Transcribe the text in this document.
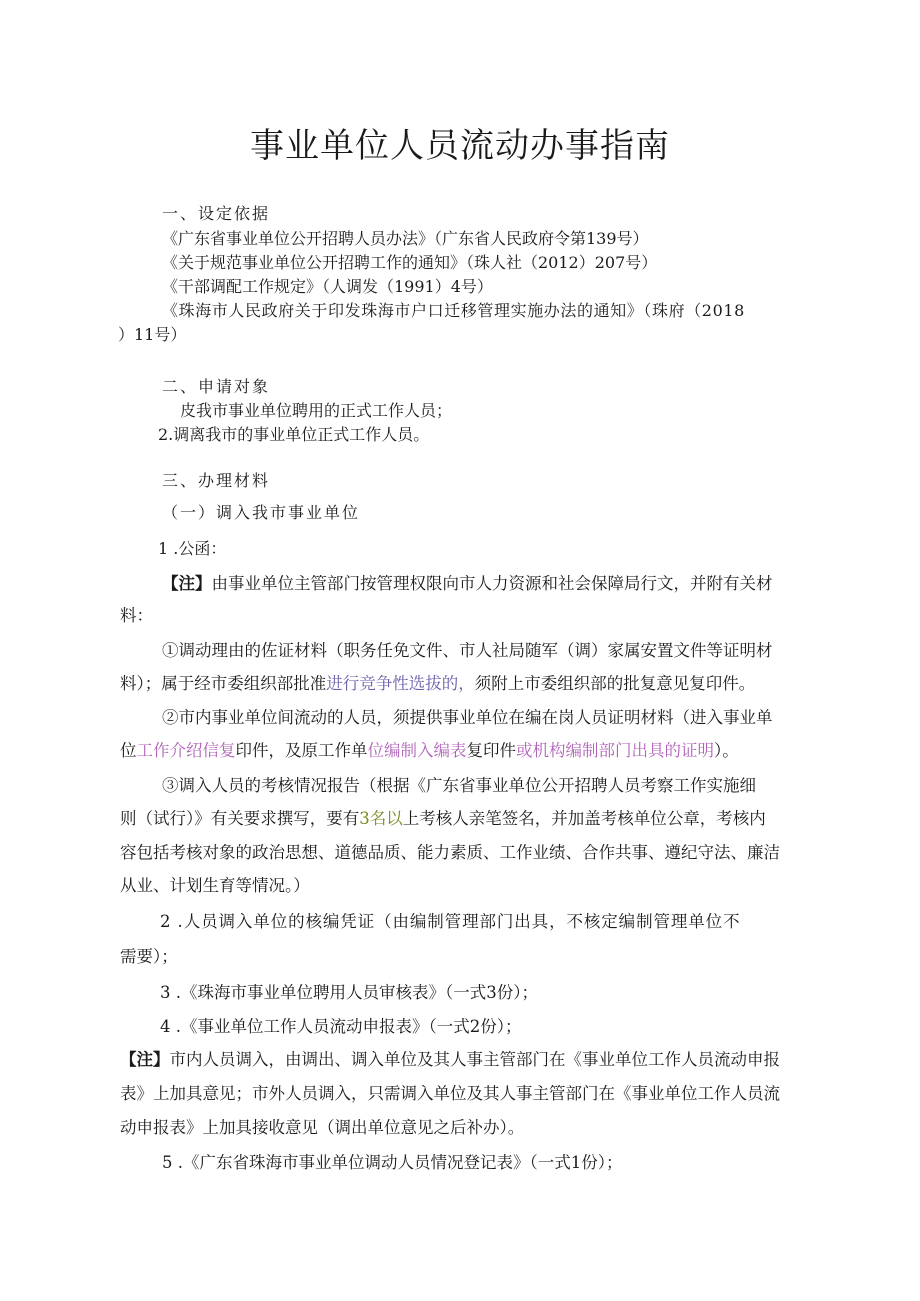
事业单位人员流动办事指南
一、设定依据
《广东省事业单位公开招聘人员办法》（广东省人民政府令第139号）
《关于规范事业单位公开招聘工作的通知》（珠人社（2012）207号）
《干部调配工作规定》（人调发（1991）4号）
《珠海市人民政府关于印发珠海市户口迁移管理实施办法的通知》（珠府（2018
）11号）
二、申请对象
皮我市事业单位聘用的正式工作人员；
2.调离我市的事业单位正式工作人员。
三、办理材料
（一）调入我市事业单位
1 .公函：
【注】由事业单位主管部门按管理权限向市人力资源和社会保障局行文，并附有关材
料：
①调动理由的佐证材料（职务任免文件、市人社局随军（调）家属安置文件等证明材
料）；属于经市委组织部批准进行竞争性选拔的，须附上市委组织部的批复意见复印件。
②市内事业单位间流动的人员，须提供事业单位在编在岗人员证明材料（进入事业单
位工作介绍信复印件，及原工作单位编制入编表复印件或机构编制部门出具的证明）。
③调入人员的考核情况报告（根据《广东省事业单位公开招聘人员考察工作实施细
则（试行）》有关要求撰写，要有3名以上考核人亲笔签名，并加盖考核单位公章，考核内
容包括考核对象的政治思想、道德品质、能力素质、工作业绩、合作共事、遵纪守法、廉洁
从业、计划生育等情况。）
2 .人员调入单位的核编凭证（由编制管理部门出具，不核定编制管理单位不
需要）；
3 .《珠海市事业单位聘用人员审核表》（一式3份）；
4 .《事业单位工作人员流动申报表》（一式2份）；
【注】市内人员调入，由调出、调入单位及其人事主管部门在《事业单位工作人员流动申报
表》上加具意见；市外人员调入，只需调入单位及其人事主管部门在《事业单位工作人员流
动申报表》上加具接收意见（调出单位意见之后补办）。
5 .《广东省珠海市事业单位调动人员情况登记表》（一式1份）；
